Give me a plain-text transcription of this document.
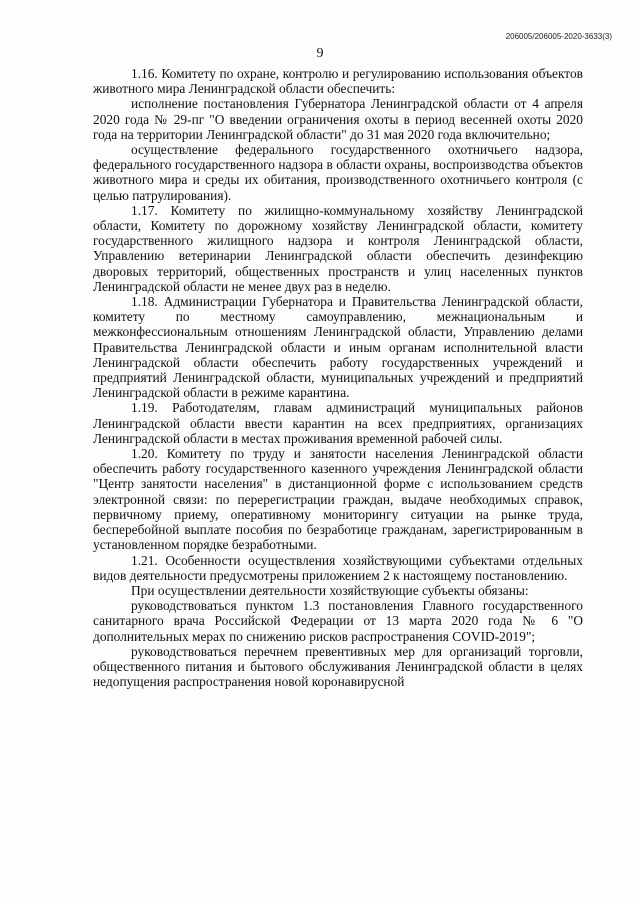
206005/206005-2020-3633(3)
9

1.16. Комитету по охране, контролю и регулированию использования объектов животного мира Ленинградской области обеспечить:

исполнение постановления Губернатора Ленинградской области от 4 апреля 2020 года № 29-пг "О введении ограничения охоты в период весенней охоты 2020 года на территории Ленинградской области" до 31 мая 2020 года включительно;

осуществление федерального государственного охотничьего надзора, федерального государственного надзора в области охраны, воспроизводства объектов животного мира и среды их обитания, производственного охотничьего контроля (с целью патрулирования).

1.17. Комитету по жилищно-коммунальному хозяйству Ленинградской области, Комитету по дорожному хозяйству Ленинградской области, комитету государственного жилищного надзора и контроля Ленинградской области, Управлению ветеринарии Ленинградской области обеспечить дезинфекцию дворовых территорий, общественных пространств и улиц населенных пунктов Ленинградской области не менее двух раз в неделю.

1.18. Администрации Губернатора и Правительства Ленинградской области, комитету по местному самоуправлению, межнациональным и межконфессиональным отношениям Ленинградской области, Управлению делами Правительства Ленинградской области и иным органам исполнительной власти Ленинградской области обеспечить работу государственных учреждений и предприятий Ленинградской области, муниципальных учреждений и предприятий Ленинградской области в режиме карантина.

1.19. Работодателям, главам администраций муниципальных районов Ленинградской области ввести карантин на всех предприятиях, организациях Ленинградской области в местах проживания временной рабочей силы.

1.20. Комитету по труду и занятости населения Ленинградской области обеспечить работу государственного казенного учреждения Ленинградской области "Центр занятости населения" в дистанционной форме с использованием средств электронной связи: по перерегистрации граждан, выдаче необходимых справок, первичному приему, оперативному мониторингу ситуации на рынке труда, бесперебойной выплате пособия по безработице гражданам, зарегистрированным в установленном порядке безработными.

1.21. Особенности осуществления хозяйствующими субъектами отдельных видов деятельности предусмотрены приложением 2 к настоящему постановлению.

При осуществлении деятельности хозяйствующие субъекты обязаны:

руководствоваться пунктом 1.3 постановления Главного государственного санитарного врача Российской Федерации от 13 марта 2020 года № 6 "О дополнительных мерах по снижению рисков распространения COVID-2019";

руководствоваться перечнем превентивных мер для организаций торговли, общественного питания и бытового обслуживания Ленинградской области в целях недопущения распространения новой коронавирусной
